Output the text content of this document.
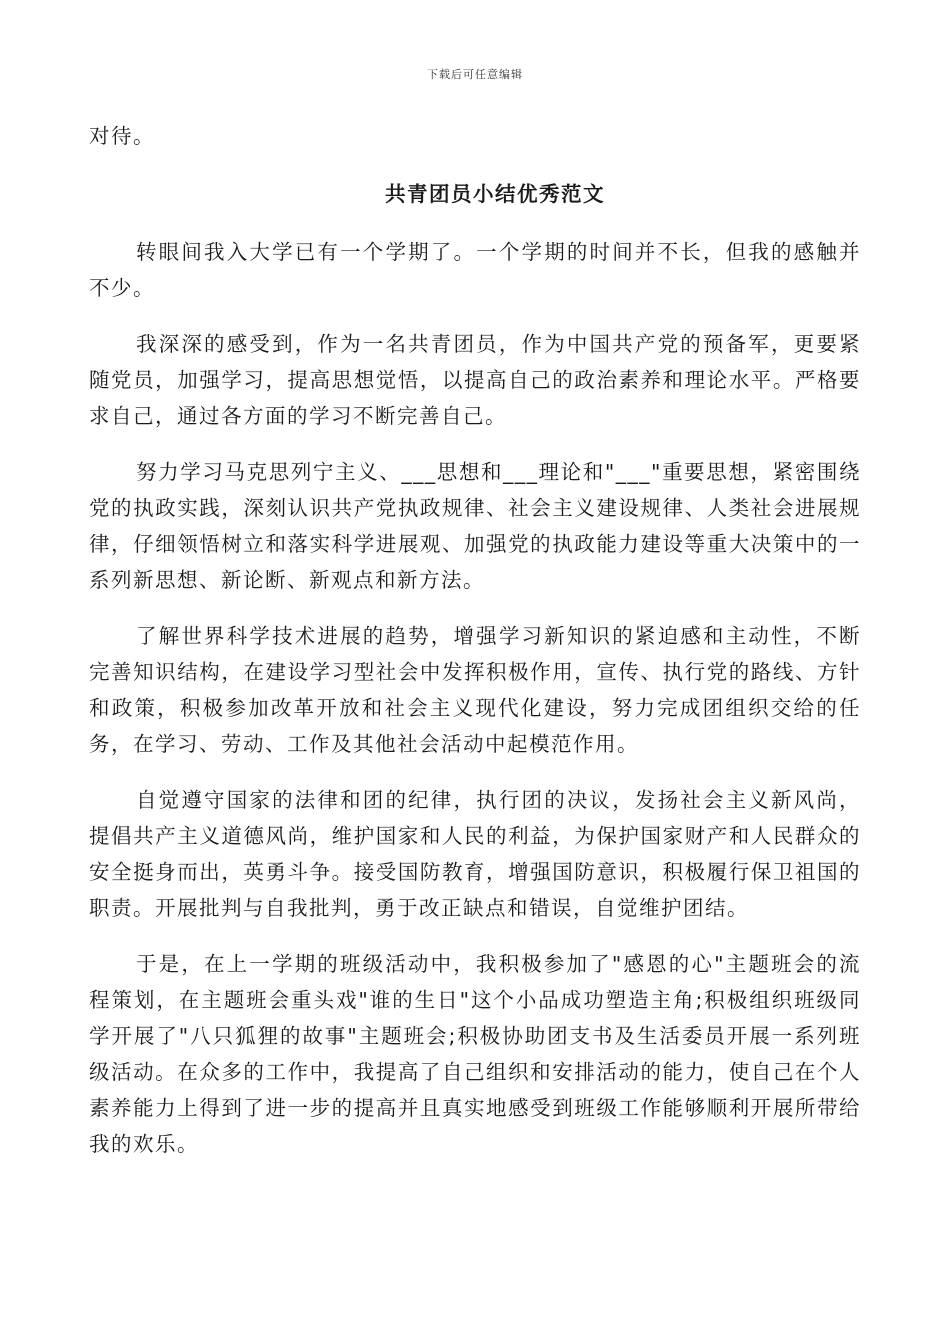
下载后可任意编辑

对待。

共青团员小结优秀范文

转眼间我入大学已有一个学期了。一个学期的时间并不长，但我的感触并不少。

我深深的感受到，作为一名共青团员，作为中国共产党的预备军，更要紧随党员，加强学习，提高思想觉悟，以提高自己的政治素养和理论水平。严格要求自己，通过各方面的学习不断完善自己。

努力学习马克思列宁主义、___思想和___理论和"___"重要思想，紧密围绕党的执政实践，深刻认识共产党执政规律、社会主义建设规律、人类社会进展规律，仔细领悟树立和落实科学进展观、加强党的执政能力建设等重大决策中的一系列新思想、新论断、新观点和新方法。

了解世界科学技术进展的趋势，增强学习新知识的紧迫感和主动性，不断完善知识结构，在建设学习型社会中发挥积极作用，宣传、执行党的路线、方针和政策，积极参加改革开放和社会主义现代化建设，努力完成团组织交给的任务，在学习、劳动、工作及其他社会活动中起模范作用。

自觉遵守国家的法律和团的纪律，执行团的决议，发扬社会主义新风尚，提倡共产主义道德风尚，维护国家和人民的利益，为保护国家财产和人民群众的安全挺身而出，英勇斗争。接受国防教育，增强国防意识，积极履行保卫祖国的职责。开展批判与自我批判，勇于改正缺点和错误，自觉维护团结。

于是，在上一学期的班级活动中，我积极参加了"感恩的心"主题班会的流程策划，在主题班会重头戏"谁的生日"这个小品成功塑造主角;积极组织班级同学开展了"八只狐狸的故事"主题班会;积极协助团支书及生活委员开展一系列班级活动。在众多的工作中，我提高了自己组织和安排活动的能力，使自己在个人素养能力上得到了进一步的提高并且真实地感受到班级工作能够顺利开展所带给我的欢乐。
